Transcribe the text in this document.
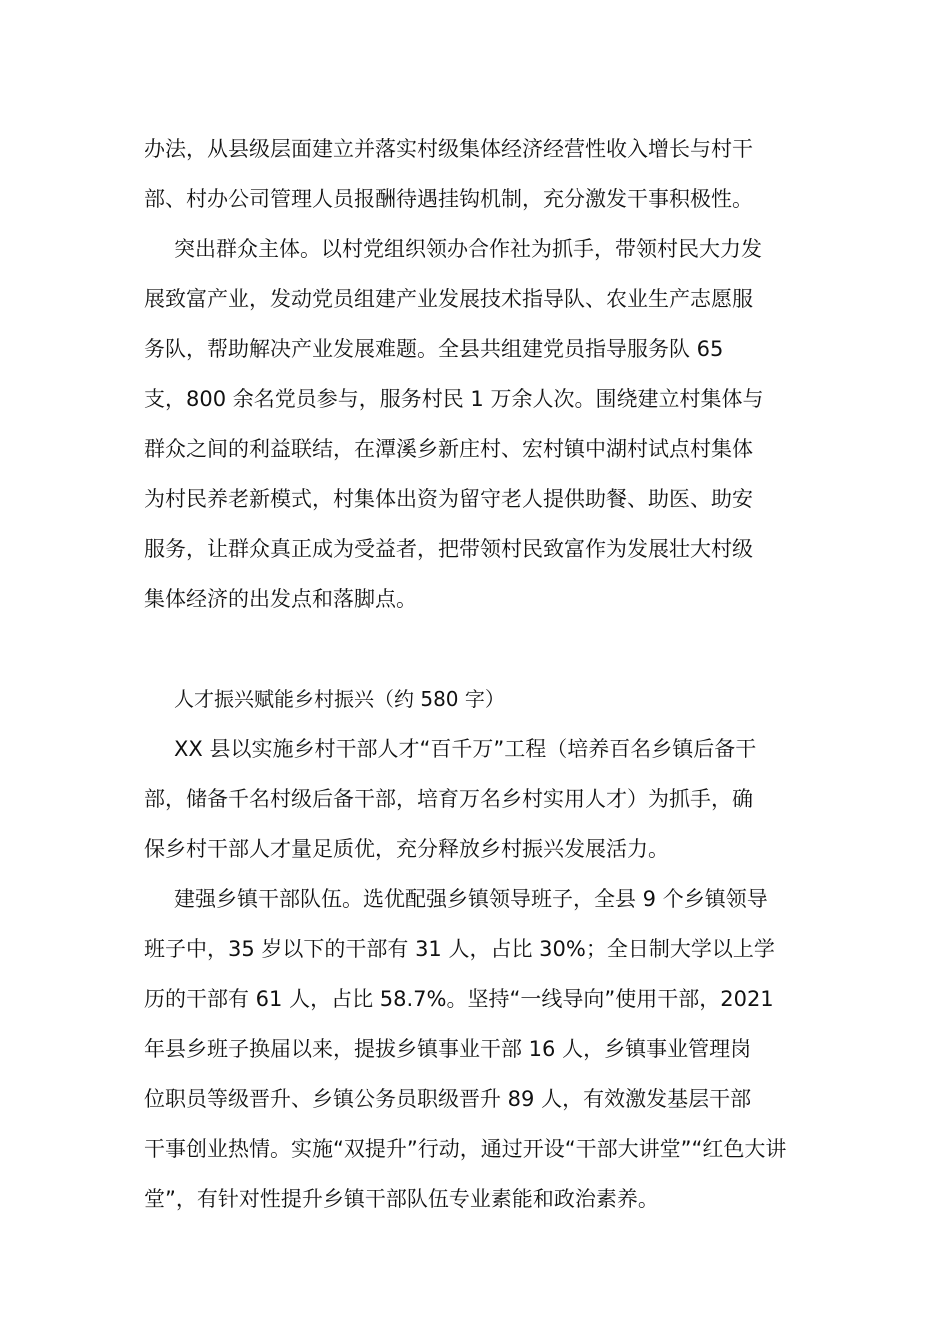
办法，从县级层面建立并落实村级集体经济经营性收入增长与村干
部、村办公司管理人员报酬待遇挂钩机制，充分激发干事积极性。

突出群众主体。以村党组织领办合作社为抓手，带领村民大力发
展致富产业，发动党员组建产业发展技术指导队、农业生产志愿服
务队，帮助解决产业发展难题。全县共组建党员指导服务队 65
支，800 余名党员参与，服务村民 1 万余人次。围绕建立村集体与
群众之间的利益联结，在潭溪乡新庄村、宏村镇中湖村试点村集体
为村民养老新模式，村集体出资为留守老人提供助餐、助医、助安
服务，让群众真正成为受益者，把带领村民致富作为发展壮大村级
集体经济的出发点和落脚点。

人才振兴赋能乡村振兴（约 580 字）

XX 县以实施乡村干部人才“百千万”工程（培养百名乡镇后备干
部，储备千名村级后备干部，培育万名乡村实用人才）为抓手，确
保乡村干部人才量足质优，充分释放乡村振兴发展活力。

建强乡镇干部队伍。选优配强乡镇领导班子，全县 9 个乡镇领导
班子中，35 岁以下的干部有 31 人，占比 30%；全日制大学以上学
历的干部有 61 人，占比 58.7%。坚持“一线导向”使用干部，2021
年县乡班子换届以来，提拔乡镇事业干部 16 人，乡镇事业管理岗
位职员等级晋升、乡镇公务员职级晋升 89 人，有效激发基层干部
干事创业热情。实施“双提升”行动，通过开设“干部大讲堂”“红色大讲
堂”，有针对性提升乡镇干部队伍专业素能和政治素养。
